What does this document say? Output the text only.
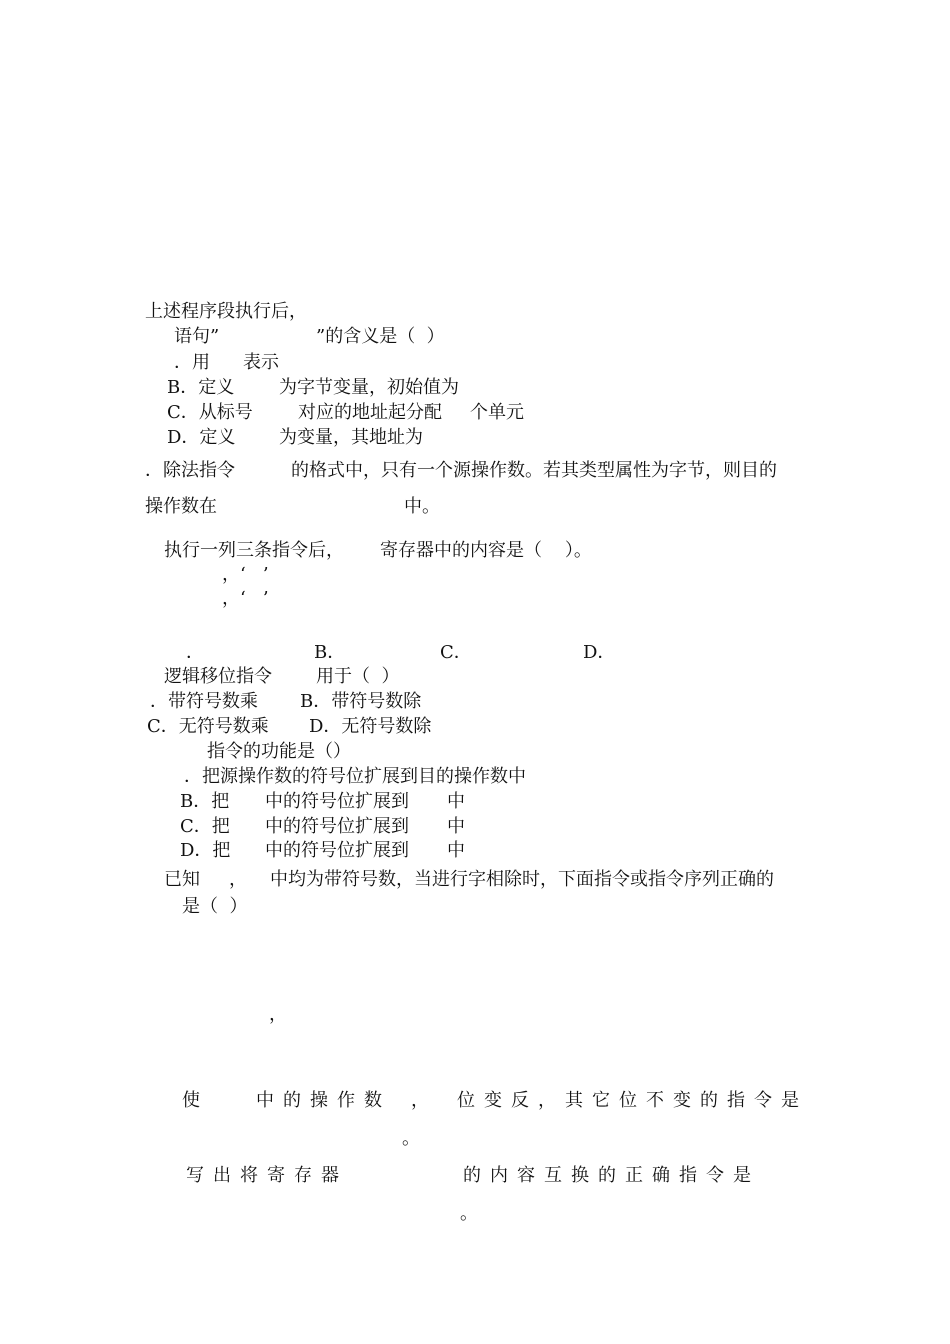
上述程序段执行后，
语句”	”的含义是（  ）
．用 表示
B．定义 为字节变量，初始值为
C．从标号	对应的地址起分配 个单元
D．定义 为变量，其地址为
．除法指令	的格式中，只有一个源操作数。若其类型属性为字节，则目的
操作数在	中。
执行一列三条指令后， 寄存器中的内容是（    ）。
，‘   ’
，‘   ’
．	B．	C．	D．
逻辑移位指令 用于（  ）
．带符号数乘 B．带符号数除
C．无符号数乘 D．无符号数除
指令的功能是（）
．把源操作数的符号位扩展到目的操作数中
B．把 中的符号位扩展到 中
C．把 中的符号位扩展到 中
D．把 中的符号位扩展到 中
已知 ， 中均为带符号数，当进行字相除时，下面指令或指令序列正确的
是（  ）
，
使	中的操作数 ， 位变反，其它位不变的指令是
。
写出将寄存器	的内容互换的正确指令是
。
